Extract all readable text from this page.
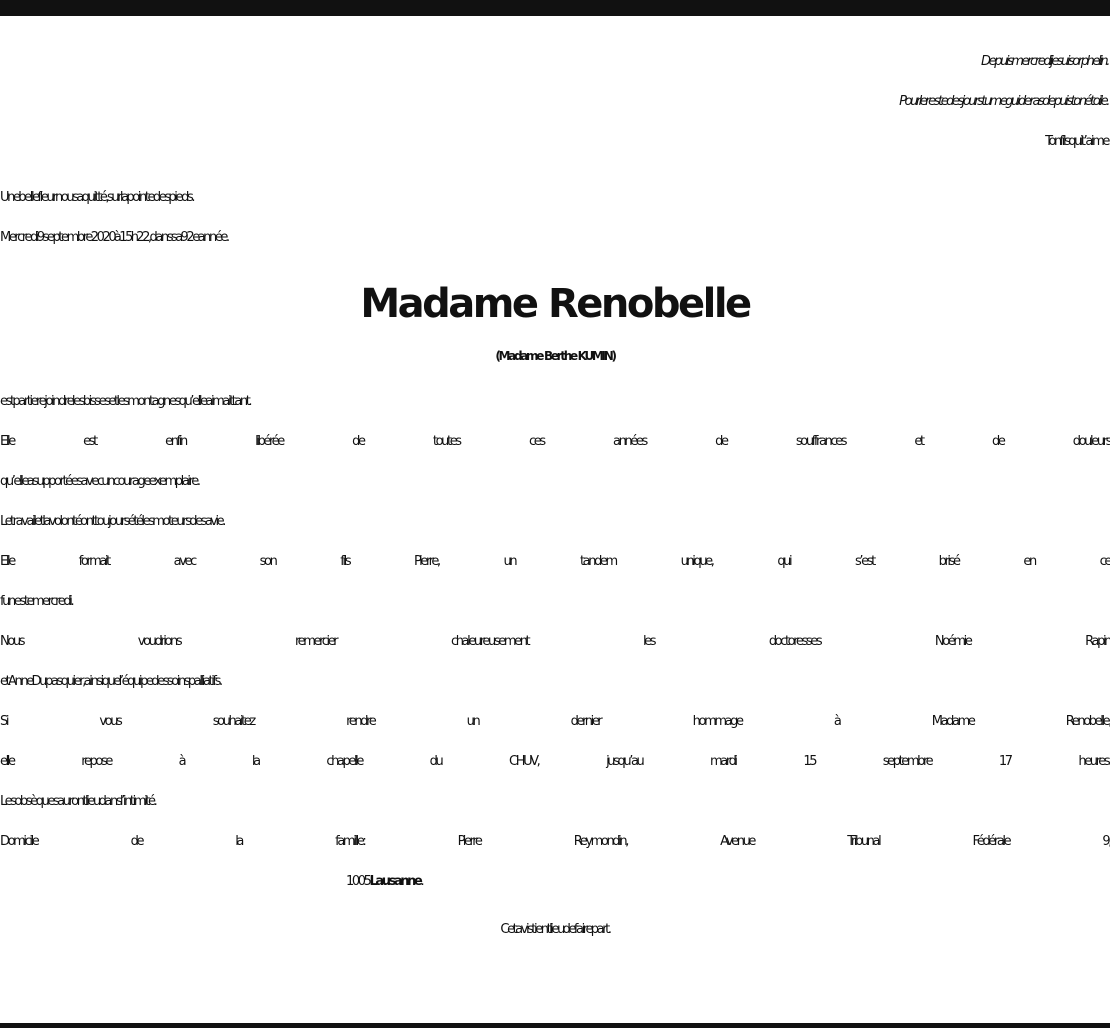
Depuis mercredi je suis orphelin.
Pour le reste des jours tu me guideras depuis ton étoile.
Ton fils qui t’aime
Une belle fleur nous a quitté, sur la pointe des pieds.
Mercredi 9 septembre 2020 à 15 h 22, dans sa 92e année.
Madame Renobelle
(Madame Berthe KUMIN)
est partie rejoindre les bisses et les montagnes qu’elle aimait tant.
Elle est enfin libérée de toutes ces années de souffrances et de douleurs
qu’elle a supportées avec un courage exemplaire.
Le travail et la volonté ont toujours été les moteurs de sa vie.
Elle formait avec son fils Pierre, un tandem unique, qui s’est brisé en ce
funeste mercredi.
Nous voudrions remercier chaleureusement les doctoresses Noémie Rapin
et Anne Dupasquier, ainsi que l’équipe des soins palliatifs.
Si vous souhaitez rendre un dernier hommage à Madame Renobelle,
elle repose à la chapelle du CHUV, jusqu’au mardi 15 septembre 17 heures.
Les obsèques auront lieu dans l’intimité.
Domicile de la famille: Pierre Reymondin, Avenue Tribunal Fédérale 9,
1005 Lausanne.
Cet avis tient lieu de faire part.
